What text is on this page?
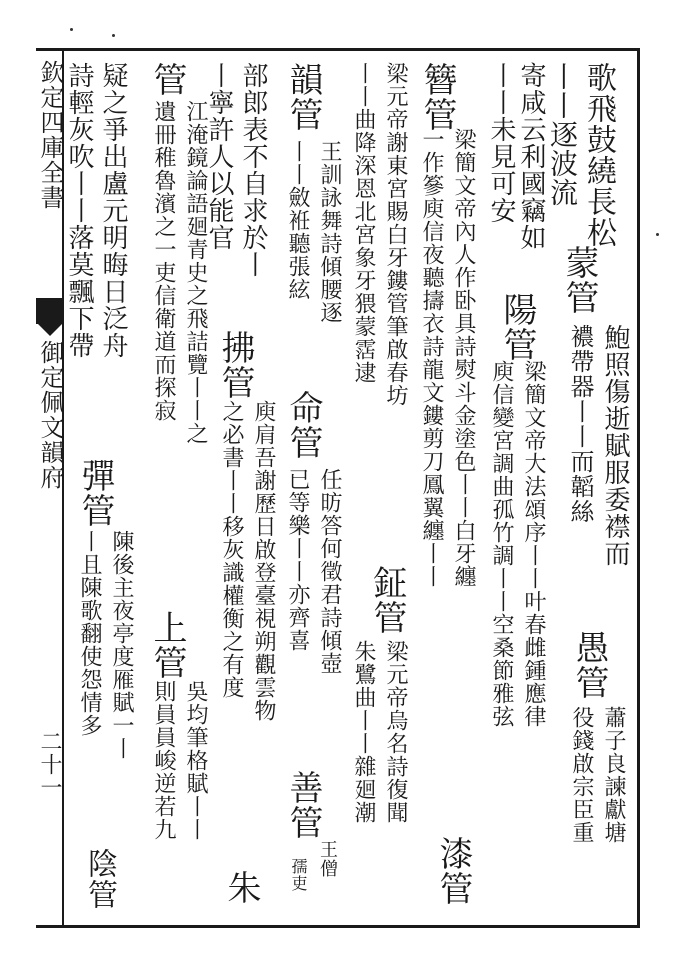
欽定四庫全書
御定佩文韻府
二十一
歌飛鼓繞長松
丨丨逐波流
蒙管
鮑照傷逝賦服委襟而
襛帶器丨丨而韜絲
寄咸云利國竊如
丨丨未見可安
陽管
梁簡文帝大法頌序丨丨叶春雌鍾應律
庾信變宮調曲孤竹調丨丨空桑節雅弦 愚管
蕭子良諫獻塘
役錢啟宗臣重
簪管
梁簡文帝內人作卧具詩熨斗金塗色丨丨白牙纏
一作篸庾信夜聽擣衣詩龍文鏤剪刀鳳翼纏丨丨
漆管
梁元帝謝東宮賜白牙鏤管筆啟春坊
丨丨曲降深恩北宮象牙猥蒙霑逮
鉦管
梁元帝烏名詩復聞
朱鷺曲丨丨雜廻潮
韻管
王訓詠舞詩傾腰逐
丨丨斂袵聽張絃
命管
任昉答何徵君詩傾壺
已等樂丨丨亦齊喜
善管
王僧
孺吏
部郎表不自求於丨
丨寧許人以能官
拂管
庾肩吾謝歷日啟登臺視朔觀雲物
之必書丨丨移灰識權衡之有度
朱
管
江淹鏡論語廻青史之飛詰覽丨丨之
遺冊稚魯濱之一吏信衛道而探寂
上管
吳均筆格賦丨丨
則員員峻逆若九
疑之爭出盧元明晦日泛舟
詩輕灰吹丨丨落莫飄下帶
彈管
陳後主夜亭度雁賦一丨
丨且陳歌翻使怨情多
陰管
